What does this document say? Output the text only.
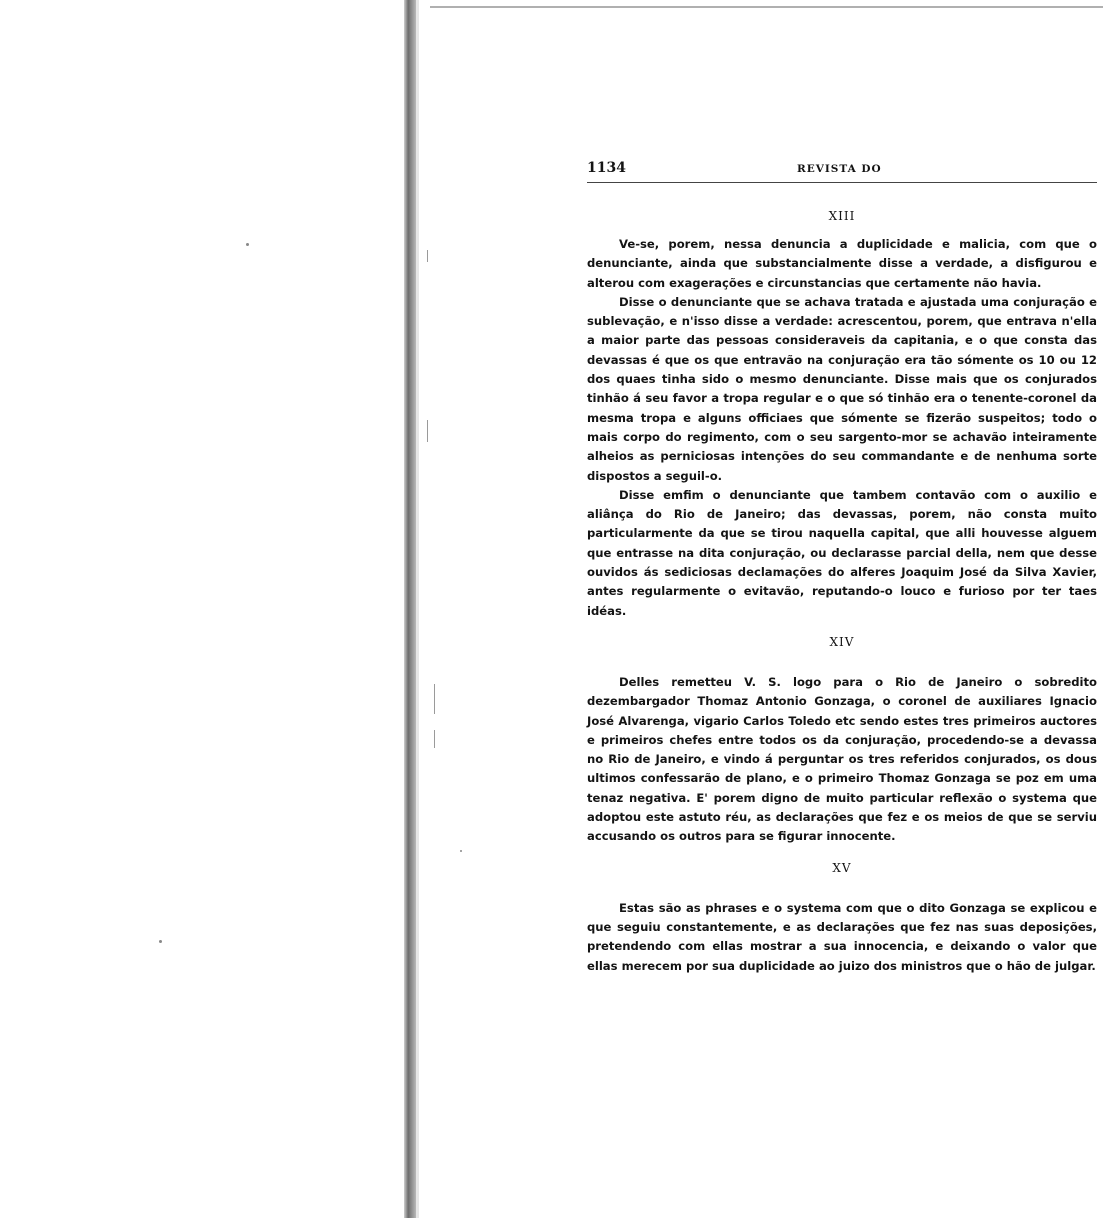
1134	REVISTA DO
XIII

Ve-se, porem, nessa denuncia a duplicidade e malicia, com que o denunciante, ainda que substancialmente disse a verdade, a disfigurou e alterou com exagerações e circunstancias que certamente não havia.

Disse o denunciante que se achava tratada e ajustada uma conjuração e sublevação, e n'isso disse a verdade: acrescentou, porem, que entrava n'ella a maior parte das pessoas consideraveis da capitania, e o que consta das devassas é que os que entravão na conjuração era tão sómente os 10 ou 12 dos quaes tinha sido o mesmo denunciante. Disse mais que os conjurados tinhão á seu favor a tropa regular e o que só tinhão era o tenente-coronel da mesma tropa e alguns officiaes que sómente se fizerão suspeitos; todo o mais corpo do regimento, com o seu sargento-mor se achavão inteiramente alheios as perniciosas intenções do seu commandante e de nenhuma sorte dispostos a seguil-o.

Disse emfim o denunciante que tambem contavão com o auxilio e aliânça do Rio de Janeiro; das devassas, porem, não consta muito particularmente da que se tirou naquella capital, que alli houvesse alguem que entrasse na dita conjuração, ou declarasse parcial della, nem que desse ouvidos ás sediciosas declamações do alferes Joaquim José da Silva Xavier, antes regularmente o evitavão, reputando-o louco e furioso por ter taes idéas.

XIV

Delles remetteu V. S. logo para o Rio de Janeiro o sobredito dezembargador Thomaz Antonio Gonzaga, o coronel de auxiliares Ignacio José Alvarenga, vigario Carlos Toledo etc sendo estes tres primeiros auctores e primeiros chefes entre todos os da conjuração, procedendo-se a devassa no Rio de Janeiro, e vindo á perguntar os tres referidos conjurados, os dous ultimos confessarão de plano, e o primeiro Thomaz Gonzaga se poz em uma tenaz negativa. E' porem digno de muito particular reflexão o systema que adoptou este astuto réu, as declarações que fez e os meios de que se serviu accusando os outros para se figurar innocente.

XV

Estas são as phrases e o systema com que o dito Gonzaga se explicou e que seguiu constantemente, e as declarações que fez nas suas deposições, pretendendo com ellas mostrar a sua innocencia, e deixando o valor que ellas merecem por sua duplicidade ao juizo dos ministros que o hão de julgar.
